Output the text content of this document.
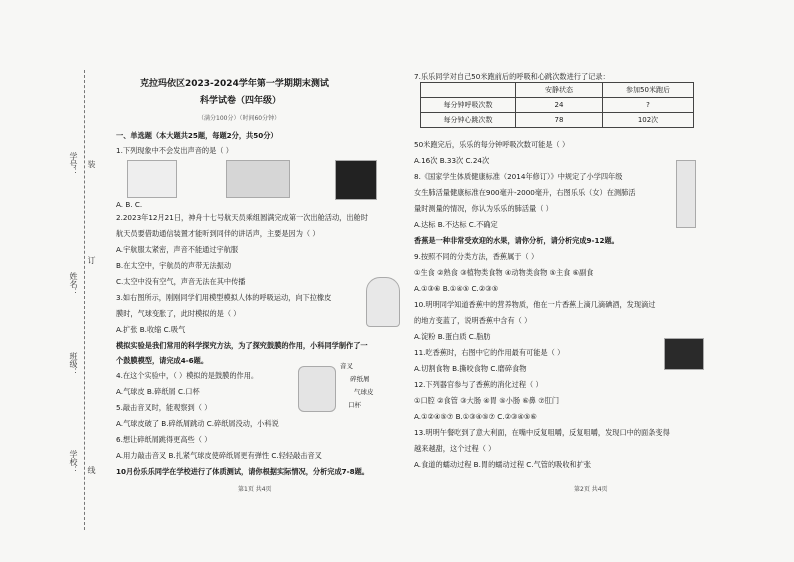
学号：
姓名：
班级：
学校：
装
订
线
克拉玛依区2023-2024学年第一学期期末测试
科学试卷（四年级）
（满分100分）（时间60分钟）
一、单选题（本大题共25题，每题2分，共50分）
1.下列现象中不会发出声音的是（ ）
A. B. C.
2.2023年12月21日，神舟十七号航天员乘组圆满完成第一次出舱活动，出舱时
航天员要借助通信装置才能听到同伴的讲话声，主要是因为（ ）
A.宇航服太紧密，声音不能通过宇航服
B.在太空中，宇航员的声带无法振动
C.太空中没有空气，声音无法在其中传播
3.如右图所示，刚刚同学们用模型模拟人体的呼吸运动，向下拉橡皮
膜时，气球变胀了，此时模拟的是（ ）
A.扩张 B.收缩 C.吸气
模拟实验是我们常用的科学探究方法，为了探究鼓膜的作用，小科同学制作了一
个鼓膜模型，请完成4-6题。
4.在这个实验中，（ ）模拟的是鼓膜的作用。
A.气球皮 B.碎纸屑 C.口杯
音叉
碎纸屑
气球皮
口杯
5.敲击音叉时，能观察到（ ）
A.气球皮破了 B.碎纸屑跳动 C.碎纸屑没动，小科说
6.想让碎纸屑跳得更高些（ ）
A.用力敲击音叉 B.扎紧气球皮使碎纸屑更有弹性 C.轻轻敲击音叉
10月份乐乐同学在学校进行了体质测试，请你根据实际情况，分析完成7-8题。
第1页 共4页
7.乐乐同学对自己50米跑前后的呼吸和心跳次数进行了记录：
	安静状态	参加50米跑后
每分钟呼吸次数	24	?
每分钟心跳次数	78	102次
50米跑完后，乐乐的每分钟呼吸次数可能是（ ）
A.16次 B.33次 C.24次
8.《国家学生体质健康标准（2014年修订）》中规定了小学四年级
女生肺活量健康标准在900毫升-2000毫升，右图乐乐（女）在测肺活
量时测量的情况，你认为乐乐的肺活量（ ）
A.达标 B.不达标 C.不确定
香蕉是一种非常受欢迎的水果，请你分析，请分析完成9-12题。
9.按照不同的分类方法，香蕉属于（ ）
①生食 ②熟食 ③植物类食物 ④动物类食物 ⑤主食 ⑥副食
A.①③⑥ B.①④⑤ C.②③⑤
10.明明同学知道香蕉中的营养物质，他在一片香蕉上滴几滴碘酒，发现滴过
的地方变蓝了，说明香蕉中含有（ ）
A.淀粉 B.蛋白质 C.脂肪
11.吃香蕉时，右图中它的作用最有可能是（ ）
A.切割食物 B.撕咬食物 C.磨碎食物
12.下列器官参与了香蕉的消化过程（ ）
①口腔 ②食管 ③大肠 ④胃 ⑤小肠 ⑥鼻 ⑦肛门
A.①②④⑤⑦ B.①③④⑤⑦ C.②③④⑤⑥
13.明明午餐吃到了意大利面，在嘴中反复咀嚼，反复咀嚼，发现口中的面条变得
越来越甜，这个过程（ ）
A.食道的蠕动过程 B.胃的蠕动过程 C.气管的吸收和扩张
第2页 共4页
